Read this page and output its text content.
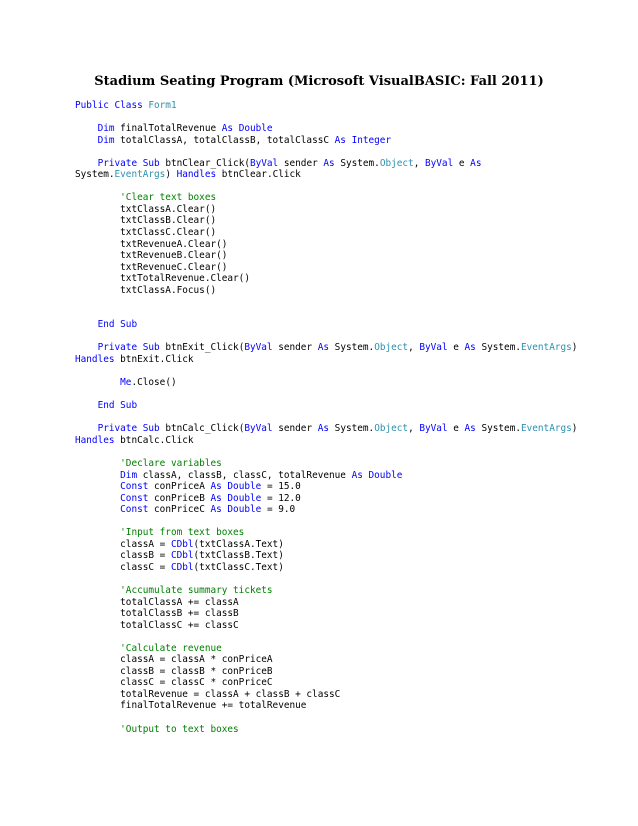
Stadium Seating Program (Microsoft VisualBASIC: Fall 2011)
Public Class Form1
Dim finalTotalRevenue As Double
Dim totalClassA, totalClassB, totalClassC As Integer
Private Sub btnClear_Click(ByVal sender As System.Object, ByVal e As
System.EventArgs) Handles btnClear.Click
'Clear text boxes
txtClassA.Clear()
txtClassB.Clear()
txtClassC.Clear()
txtRevenueA.Clear()
txtRevenueB.Clear()
txtRevenueC.Clear()
txtTotalRevenue.Clear()
txtClassA.Focus()
End Sub
Private Sub btnExit_Click(ByVal sender As System.Object, ByVal e As System.EventArgs)
Handles btnExit.Click
Me.Close()
End Sub
Private Sub btnCalc_Click(ByVal sender As System.Object, ByVal e As System.EventArgs)
Handles btnCalc.Click
'Declare variables
Dim classA, classB, classC, totalRevenue As Double
Const conPriceA As Double = 15.0
Const conPriceB As Double = 12.0
Const conPriceC As Double = 9.0
'Input from text boxes
classA = CDbl(txtClassA.Text)
classB = CDbl(txtClassB.Text)
classC = CDbl(txtClassC.Text)
'Accumulate summary tickets
totalClassA += classA
totalClassB += classB
totalClassC += classC
'Calculate revenue
classA = classA * conPriceA
classB = classB * conPriceB
classC = classC * conPriceC
totalRevenue = classA + classB + classC
finalTotalRevenue += totalRevenue
'Output to text boxes
